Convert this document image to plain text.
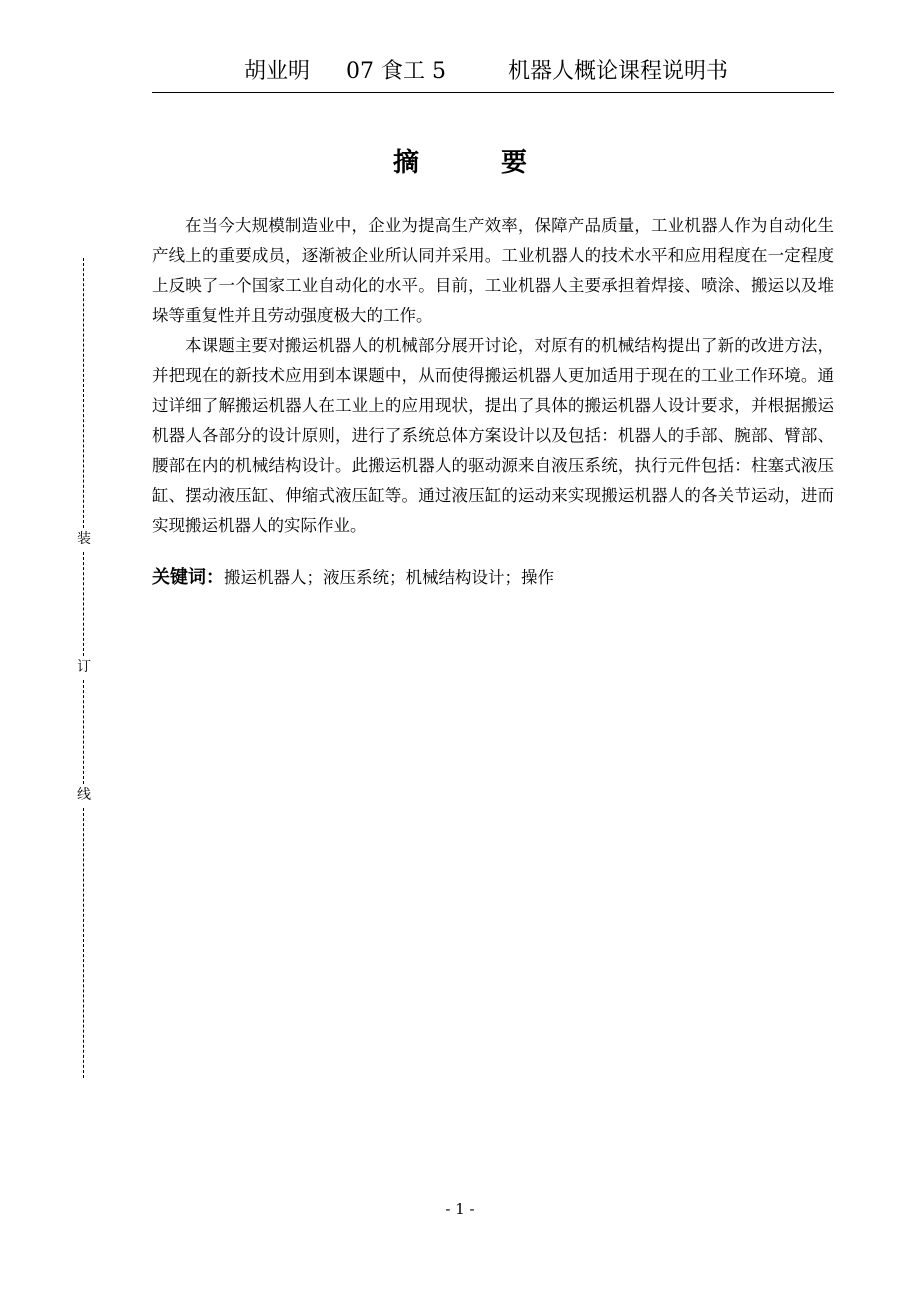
胡业明 07 食工 5	机器人概论课程说明书
装
订
线
摘	要

在当今大规模制造业中，企业为提高生产效率，保障产品质量，工业机器人作为自动化生产线上的重要成员，逐渐被企业所认同并采用。工业机器人的技术水平和应用程度在一定程度上反映了一个国家工业自动化的水平。目前，工业机器人主要承担着焊接、喷涂、搬运以及堆垛等重复性并且劳动强度极大的工作。

本课题主要对搬运机器人的机械部分展开讨论，对原有的机械结构提出了新的改进方法，并把现在的新技术应用到本课题中，从而使得搬运机器人更加适用于现在的工业工作环境。通过详细了解搬运机器人在工业上的应用现状，提出了具体的搬运机器人设计要求，并根据搬运机器人各部分的设计原则，进行了系统总体方案设计以及包括：机器人的手部、腕部、臂部、腰部在内的机械结构设计。此搬运机器人的驱动源来自液压系统，执行元件包括：柱塞式液压缸、摆动液压缸、伸缩式液压缸等。通过液压缸的运动来实现搬运机器人的各关节运动，进而实现搬运机器人的实际作业。

关键词：搬运机器人；液压系统；机械结构设计；操作
- 1 -
